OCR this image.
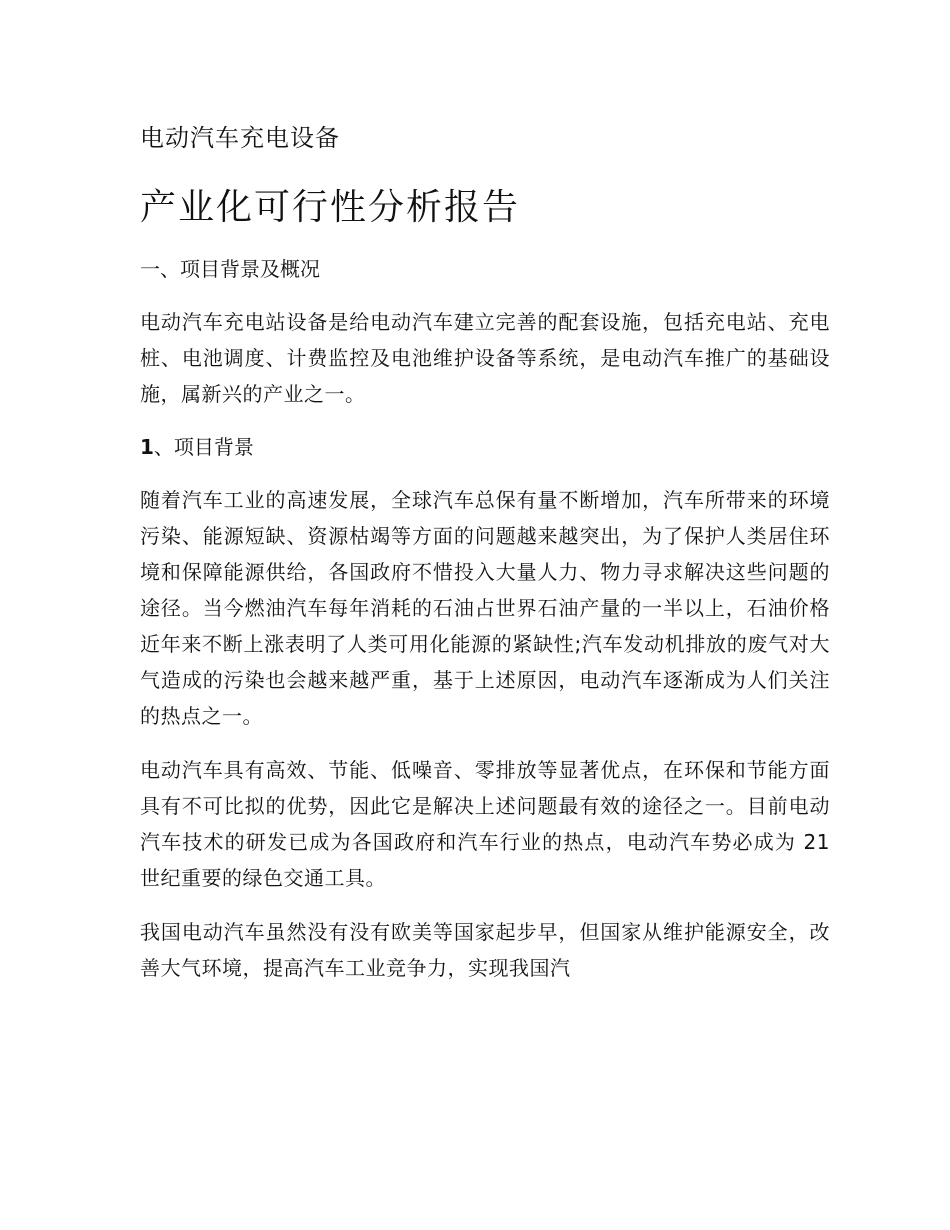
电动汽车充电设备
产业化可行性分析报告
一、项目背景及概况

电动汽车充电站设备是给电动汽车建立完善的配套设施，包括充电站、充电桩、电池调度、计费监控及电池维护设备等系统，是电动汽车推广的基础设施，属新兴的产业之一。

1、项目背景

随着汽车工业的高速发展，全球汽车总保有量不断增加，汽车所带来的环境污染、能源短缺、资源枯竭等方面的问题越来越突出，为了保护人类居住环境和保障能源供给，各国政府不惜投入大量人力、物力寻求解决这些问题的途径。当今燃油汽车每年消耗的石油占世界石油产量的一半以上，石油价格近年来不断上涨表明了人类可用化能源的紧缺性;汽车发动机排放的废气对大气造成的污染也会越来越严重，基于上述原因，电动汽车逐渐成为人们关注的热点之一。

电动汽车具有高效、节能、低噪音、零排放等显著优点，在环保和节能方面具有不可比拟的优势，因此它是解决上述问题最有效的途径之一。目前电动汽车技术的研发已成为各国政府和汽车行业的热点，电动汽车势必成为 21 世纪重要的绿色交通工具。

我国电动汽车虽然没有没有欧美等国家起步早，但国家从维护能源安全，改善大气环境，提高汽车工业竞争力，实现我国汽
